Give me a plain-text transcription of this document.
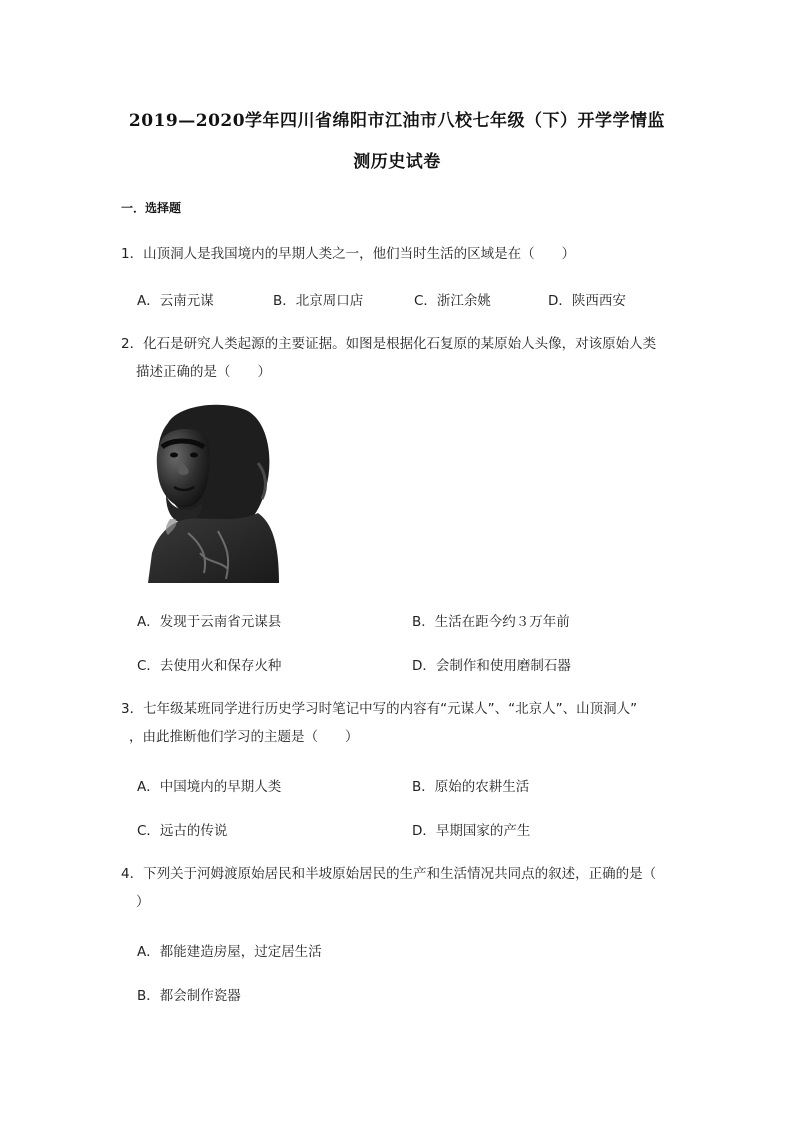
2019—2020学年四川省绵阳市江油市八校七年级（下）开学学情监
测历史试卷
一．选择题
1．山顶洞人是我国境内的早期人类之一，他们当时生活的区域是在（　　）
A．云南元谋	B．北京周口店	C．浙江余姚	D．陕西西安
2．化石是研究人类起源的主要证据。如图是根据化石复原的某原始人头像，对该原始人类
描述正确的是（　　）
A．发现于云南省元谋县	B．生活在距今约３万年前
C．去使用火和保存火种	D．会制作和使用磨制石器
3．七年级某班同学进行历史学习时笔记中写的内容有“元谋人”、“北京人”、山顶洞人”
，由此推断他们学习的主题是（　　）
A．中国境内的早期人类	B．原始的农耕生活
C．远古的传说	D．早期国家的产生
4．下列关于河姆渡原始居民和半坡原始居民的生产和生活情况共同点的叙述，正确的是（
）
A．都能建造房屋，过定居生活
B．都会制作瓷器
